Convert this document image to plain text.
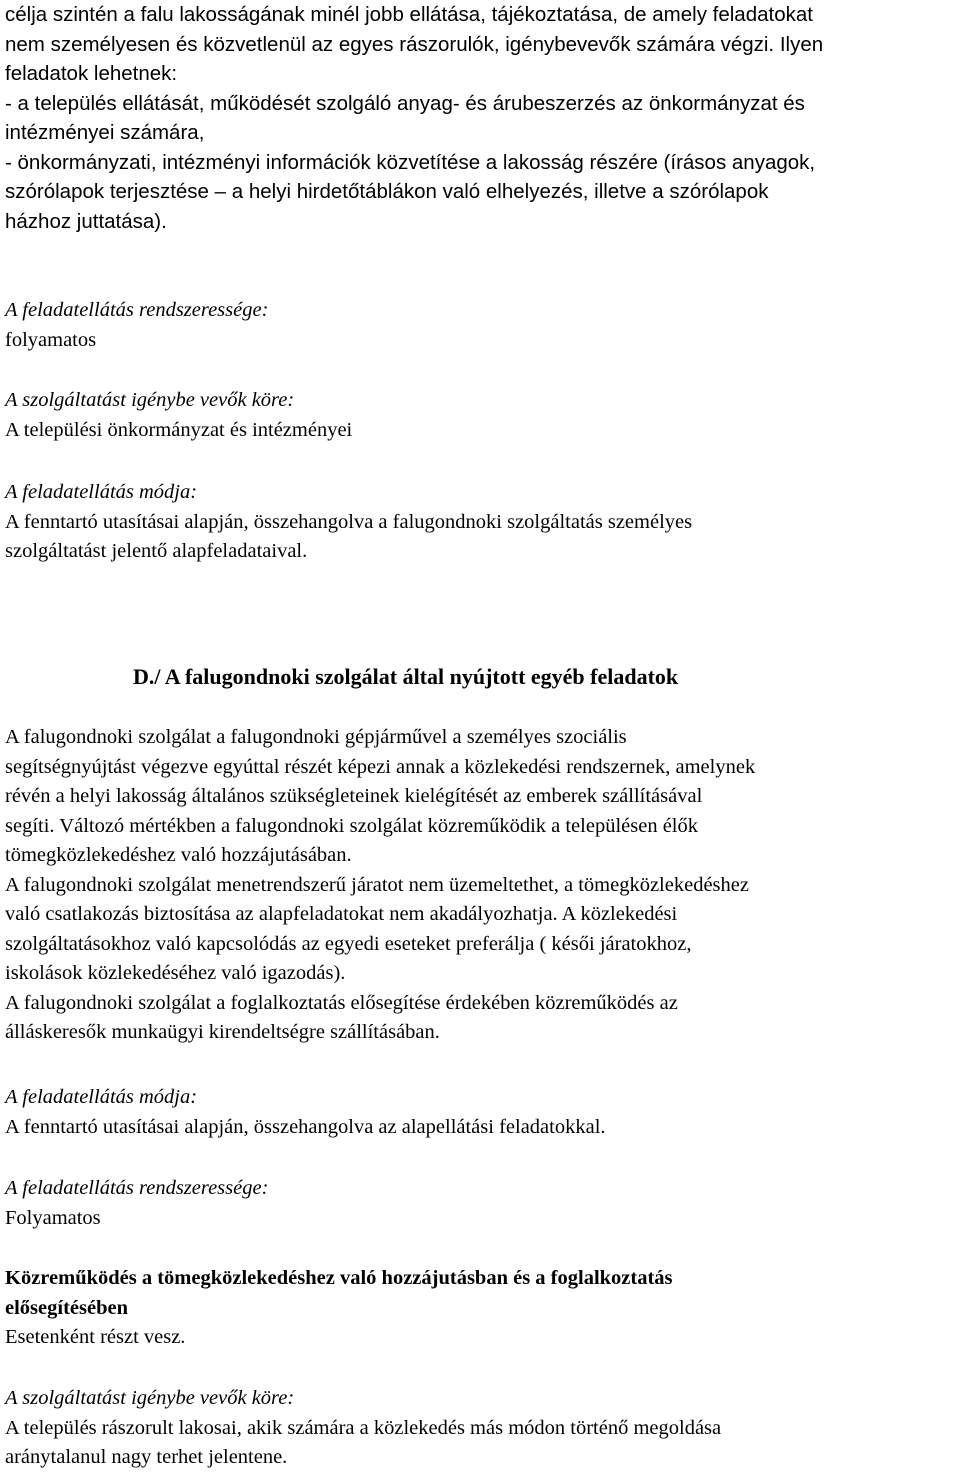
célja szintén a falu lakosságának minél jobb ellátása, tájékoztatása, de amely feladatokat

nem személyesen és közvetlenül az egyes rászorulók, igénybevevők számára végzi. Ilyen

feladatok lehetnek:

- a település ellátását, működését szolgáló anyag- és árubeszerzés az önkormányzat és

intézményei számára,

- önkormányzati, intézményi információk közvetítése a lakosság részére (írásos anyagok,

szórólapok terjesztése – a helyi hirdetőtáblákon való elhelyezés, illetve a szórólapok

házhoz juttatása).

A feladatellátás rendszeressége:

folyamatos

A szolgáltatást igénybe vevők köre:

A települési önkormányzat és intézményei

A feladatellátás módja:

A fenntartó utasításai alapján, összehangolva a falugondnoki szolgáltatás személyes

szolgáltatást jelentő alapfeladataival.

D./ A falugondnoki szolgálat által nyújtott egyéb feladatok

A falugondnoki szolgálat a falugondnoki gépjárművel a személyes szociális

segítségnyújtást végezve egyúttal részét képezi annak a közlekedési rendszernek, amelynek

révén a helyi lakosság általános szükségleteinek kielégítését az emberek szállításával

segíti. Változó mértékben a falugondnoki szolgálat közreműködik a településen élők

tömegközlekedéshez való hozzájutásában.

A falugondnoki szolgálat menetrendszerű járatot nem üzemeltethet, a tömegközlekedéshez

való csatlakozás biztosítása az alapfeladatokat nem akadályozhatja. A közlekedési

szolgáltatásokhoz való kapcsolódás az egyedi eseteket preferálja ( késői járatokhoz,

iskolások közlekedéséhez való igazodás).

A falugondnoki szolgálat a foglalkoztatás elősegítése érdekében közreműködés az

álláskeresők munkaügyi kirendeltségre szállításában.

A feladatellátás módja:

A fenntartó utasításai alapján, összehangolva az alapellátási feladatokkal.

A feladatellátás rendszeressége:

Folyamatos

Közreműködés a tömegközlekedéshez való hozzájutásban és a foglalkoztatás

elősegítésében

Esetenként részt vesz.

A szolgáltatást igénybe vevők köre:

A település rászorult lakosai, akik számára a közlekedés más módon történő megoldása

aránytalanul nagy terhet jelentene.
